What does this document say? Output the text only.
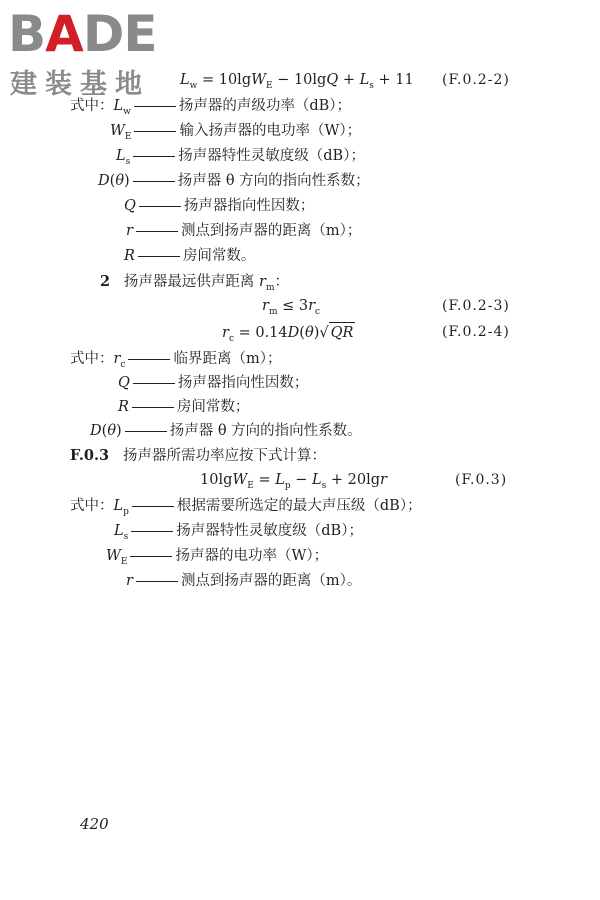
BADE
建装基地 $L_w = 10\lg W_E - 10\lg Q + L_s + 11$ (F.0.2-2)
式中：$L_w$	扬声器的声级功率（dB）；
$W_E$	输入扬声器的电功率（W）；
$L_s$	扬声器特性灵敏度级（dB）；
D(θ)	扬声器 θ 方向的指向性系数；
Q	扬声器指向性因数；
r	测点到扬声器的距离（m）；
R	房间常数。
2   扬声器最远供声距离 $r_m$：
$r_m \le 3r_c$	(F.0.2-3)
$r_c = 0.14D(\theta)√$ QR	(F.0.2-4)
式中：$r_c$	临界距离（m）；
Q	扬声器指向性因数；
R	房间常数；
D(θ)	扬声器 θ 方向的指向性系数。
F.0.3 扬声器所需功率应按下式计算：
$10\lg W_E = L_p - L_s + 20\lg r$	(F.0.3)
式中：$L_p$	根据需要所选定的最大声压级（dB）；
$L_s$	扬声器特性灵敏度级（dB）；
$W_E$	扬声器的电功率（W）；
r	测点到扬声器的距离（m）。
420
